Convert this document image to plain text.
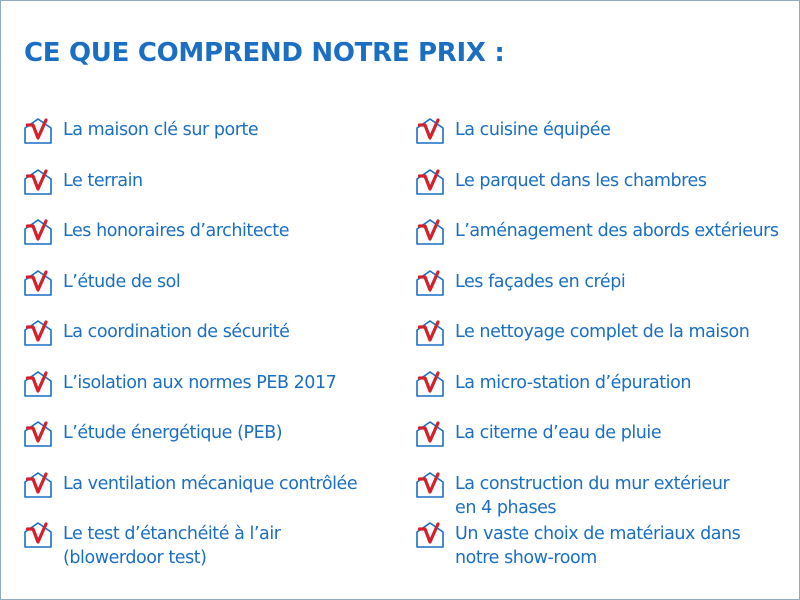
CE QUE COMPREND NOTRE PRIX :
La maison clé sur porte
Le terrain
Les honoraires d’architecte
L’étude de sol
La coordination de sécurité
L’isolation aux normes PEB 2017
L’étude énergétique (PEB)
La ventilation mécanique contrôlée
Le test d’étanchéité à l’air
(blowerdoor test)
La cuisine équipée
Le parquet dans les chambres
L’aménagement des abords extérieurs
Les façades en crépi
Le nettoyage complet de la maison
La micro-station d’épuration
La citerne d’eau de pluie
La construction du mur extérieur
en 4 phases
Un vaste choix de matériaux dans
notre show-room
